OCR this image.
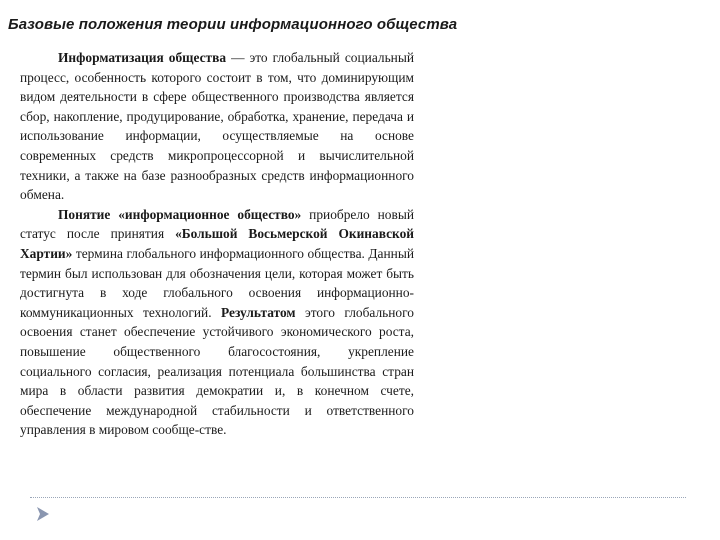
Базовые положения теории информационного общества

Информатизация общества — это глобальный социальный процесс, особенность которого состоит в том, что доминирующим видом деятельности в сфере общественного производства является сбор, накопление, продуцирование, обработка, хранение, передача и использование информации, осуществляемые на основе современных средств микропроцессорной и вычислительной техники, а также на базе разнообразных средств информационного обмена.

Понятие «информационное общество» приобрело новый статус после принятия «Большой Восьмерской Окинавской Хартии» термина глобального информационного общества. Данный термин был использован для обозначения цели, которая может быть достигнута в ходе глобального освоения информационно-коммуникационных технологий. Результатом этого глобального освоения станет обеспечение устойчивого экономического роста, повышение общественного благосостояния, укрепление социального согласия, реализация потенциала большинства стран мира в области развития демократии и, в конечном счете, обеспечение международной стабильности и ответственного управления в мировом сообще-стве.
